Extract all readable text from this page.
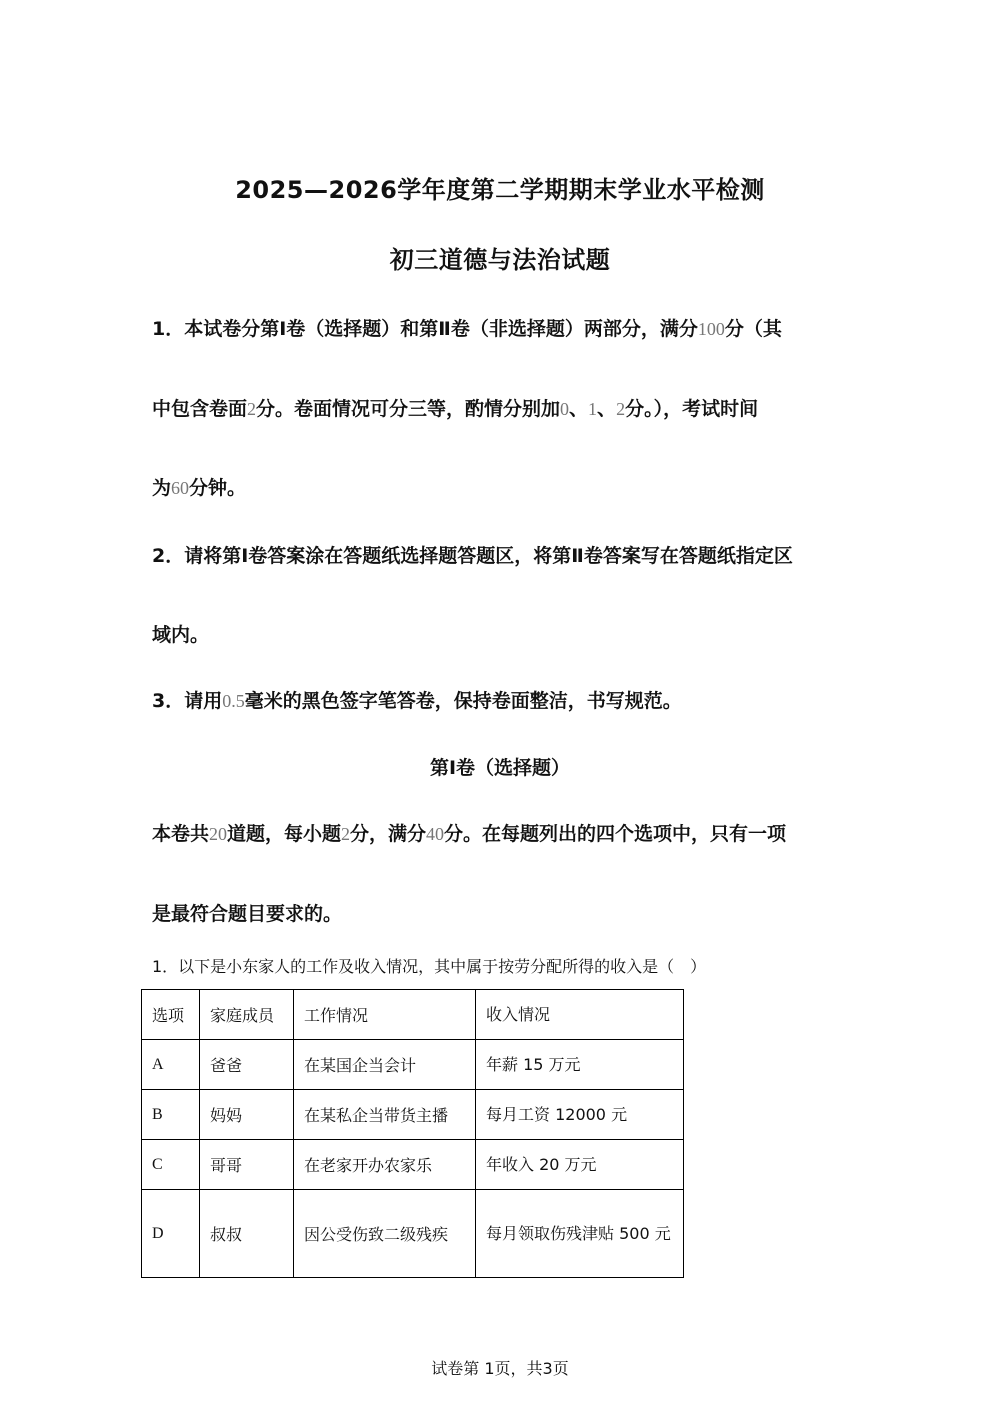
2025—2026学年度第二学期期末学业水平检测
初三道德与法治试题
1．本试卷分第Ⅰ卷（选择题）和第Ⅱ卷（非选择题）两部分，满分100分（其
中包含卷面2分。卷面情况可分三等，酌情分别加0、1、2分。），考试时间
为60分钟。
2．请将第Ⅰ卷答案涂在答题纸选择题答题区，将第Ⅱ卷答案写在答题纸指定区
域内。
3．请用0.5毫米的黑色签字笔答卷，保持卷面整洁，书写规范。
第Ⅰ卷（选择题）
本卷共20道题，每小题2分，满分40分。在每题列出的四个选项中，只有一项
是最符合题目要求的。
1．以下是小东家人的工作及收入情况，其中属于按劳分配所得的收入是（　）
选项	家庭成员	工作情况	收入情况
A	爸爸	在某国企当会计	年薪 15 万元
B	妈妈	在某私企当带货主播	每月工资 12000 元
C	哥哥	在老家开办农家乐	年收入 20 万元
D	叔叔	因公受伤致二级残疾	每月领取伤残津贴 500 元
试卷第 1页，共3页
